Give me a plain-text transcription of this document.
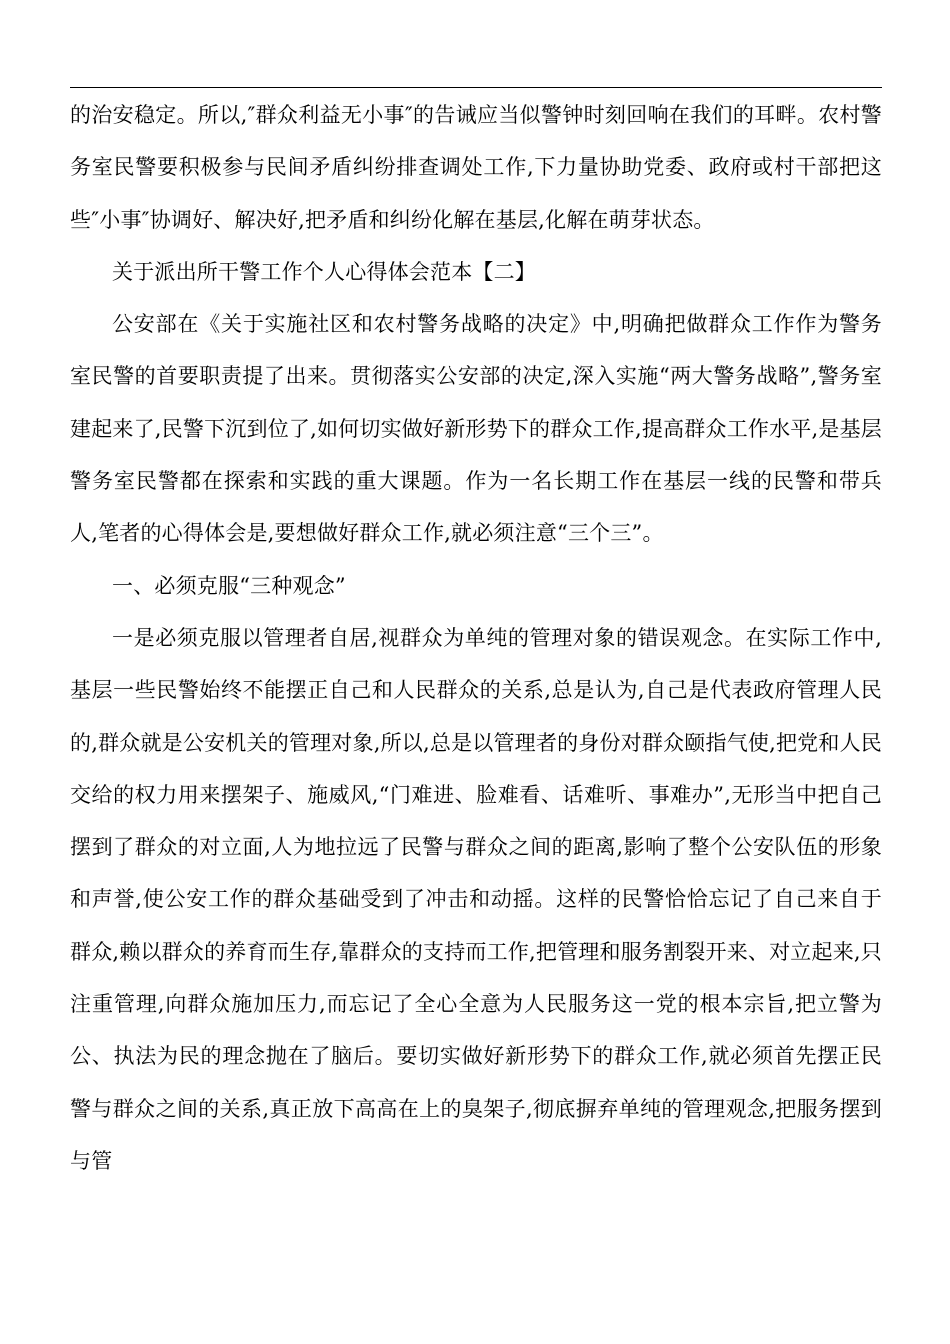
的治安稳定。所以,″群众利益无小事″的告诫应当似警钟时刻回响在我们的耳畔。农村警务室民警要积极参与民间矛盾纠纷排查调处工作,下力量协助党委、政府或村干部把这些″小事″协调好、解决好,把矛盾和纠纷化解在基层,化解在萌芽状态。

关于派出所干警工作个人心得体会范本【二】

公安部在《关于实施社区和农村警务战略的决定》中,明确把做群众工作作为警务室民警的首要职责提了出来。贯彻落实公安部的决定,深入实施“两大警务战略”,警务室建起来了,民警下沉到位了,如何切实做好新形势下的群众工作,提高群众工作水平,是基层警务室民警都在探索和实践的重大课题。作为一名长期工作在基层一线的民警和带兵人,笔者的心得体会是,要想做好群众工作,就必须注意“三个三”。

一、必须克服“三种观念”

一是必须克服以管理者自居,视群众为单纯的管理对象的错误观念。在实际工作中,基层一些民警始终不能摆正自己和人民群众的关系,总是认为,自己是代表政府管理人民的,群众就是公安机关的管理对象,所以,总是以管理者的身份对群众颐指气使,把党和人民交给的权力用来摆架子、施威风,“门难进、脸难看、话难听、事难办”,无形当中把自己摆到了群众的对立面,人为地拉远了民警与群众之间的距离,影响了整个公安队伍的形象和声誉,使公安工作的群众基础受到了冲击和动摇。这样的民警恰恰忘记了自己来自于群众,赖以群众的养育而生存,靠群众的支持而工作,把管理和服务割裂开来、对立起来,只注重管理,向群众施加压力,而忘记了全心全意为人民服务这一党的根本宗旨,把立警为公、执法为民的理念抛在了脑后。要切实做好新形势下的群众工作,就必须首先摆正民警与群众之间的关系,真正放下高高在上的臭架子,彻底摒弃单纯的管理观念,把服务摆到与管
